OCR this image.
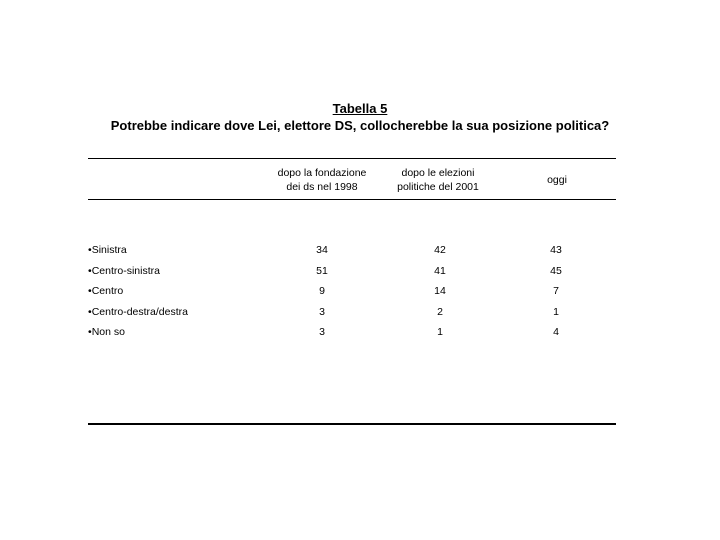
Tabella 5
Potrebbe indicare dove Lei, elettore DS, collocherebbe la sua posizione politica?
dopo la fondazione
dei ds nel 1998
dopo le elezioni
politiche del 2001
oggi
•Sinistra	34	42	43
•Centro-sinistra	51	41	45
•Centro	9	14	7
•Centro-destra/destra	3	2	1
•Non so	3	1	4
